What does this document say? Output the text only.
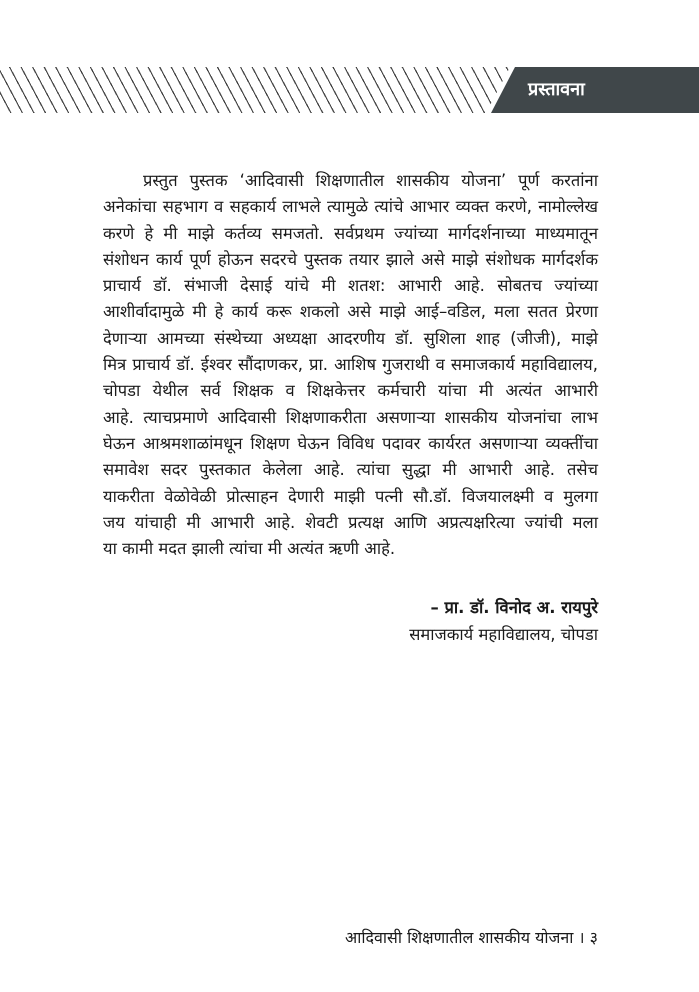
प्रस्तावना
प्रस्तुत पुस्तक ‘आदिवासी शिक्षणातील शासकीय योजना’ पूर्ण करतांना
अनेकांचा सहभाग व सहकार्य लाभले त्यामुळे त्यांचे आभार व्यक्त करणे, नामोल्लेख
करणे हे मी माझे कर्तव्य समजतो. सर्वप्रथम ज्यांच्या मार्गदर्शनाच्या माध्यमातून
संशोधन कार्य पूर्ण होऊन सदरचे पुस्तक तयार झाले असे माझे संशोधक मार्गदर्शक
प्राचार्य डॉ. संभाजी देसाई यांचे मी शतश: आभारी आहे. सोबतच ज्यांच्या
आशीर्वादामुळे मी हे कार्य करू शकलो असे माझे आई–वडिल, मला सतत प्रेरणा
देणाऱ्या आमच्या संस्थेच्या अध्यक्षा आदरणीय डॉ. सुशिला शाह (जीजी), माझे
मित्र प्राचार्य डॉ. ईश्वर सौंदाणकर, प्रा. आशिष गुजराथी व समाजकार्य महाविद्यालय,
चोपडा येथील सर्व शिक्षक व शिक्षकेत्तर कर्मचारी यांचा मी अत्यंत आभारी
आहे. त्याचप्रमाणे आदिवासी शिक्षणाकरीता असणाऱ्या शासकीय योजनांचा लाभ
घेऊन आश्रमशाळांमधून शिक्षण घेऊन विविध पदावर कार्यरत असणाऱ्या व्यक्तींचा
समावेश सदर पुस्तकात केलेला आहे. त्यांचा सुद्धा मी आभारी आहे. तसेच
याकरीता वेळोवेळी प्रोत्साहन देणारी माझी पत्नी सौ.डॉ. विजयालक्ष्मी व मुलगा
जय यांचाही मी आभारी आहे. शेवटी प्रत्यक्ष आणि अप्रत्यक्षरित्या ज्यांची मला
या कामी मदत झाली त्यांचा मी अत्यंत ऋणी आहे.
– प्रा. डॉ. विनोद अ. रायपुरे
समाजकार्य महाविद्यालय, चोपडा
आदिवासी शिक्षणातील शासकीय योजना । ३
